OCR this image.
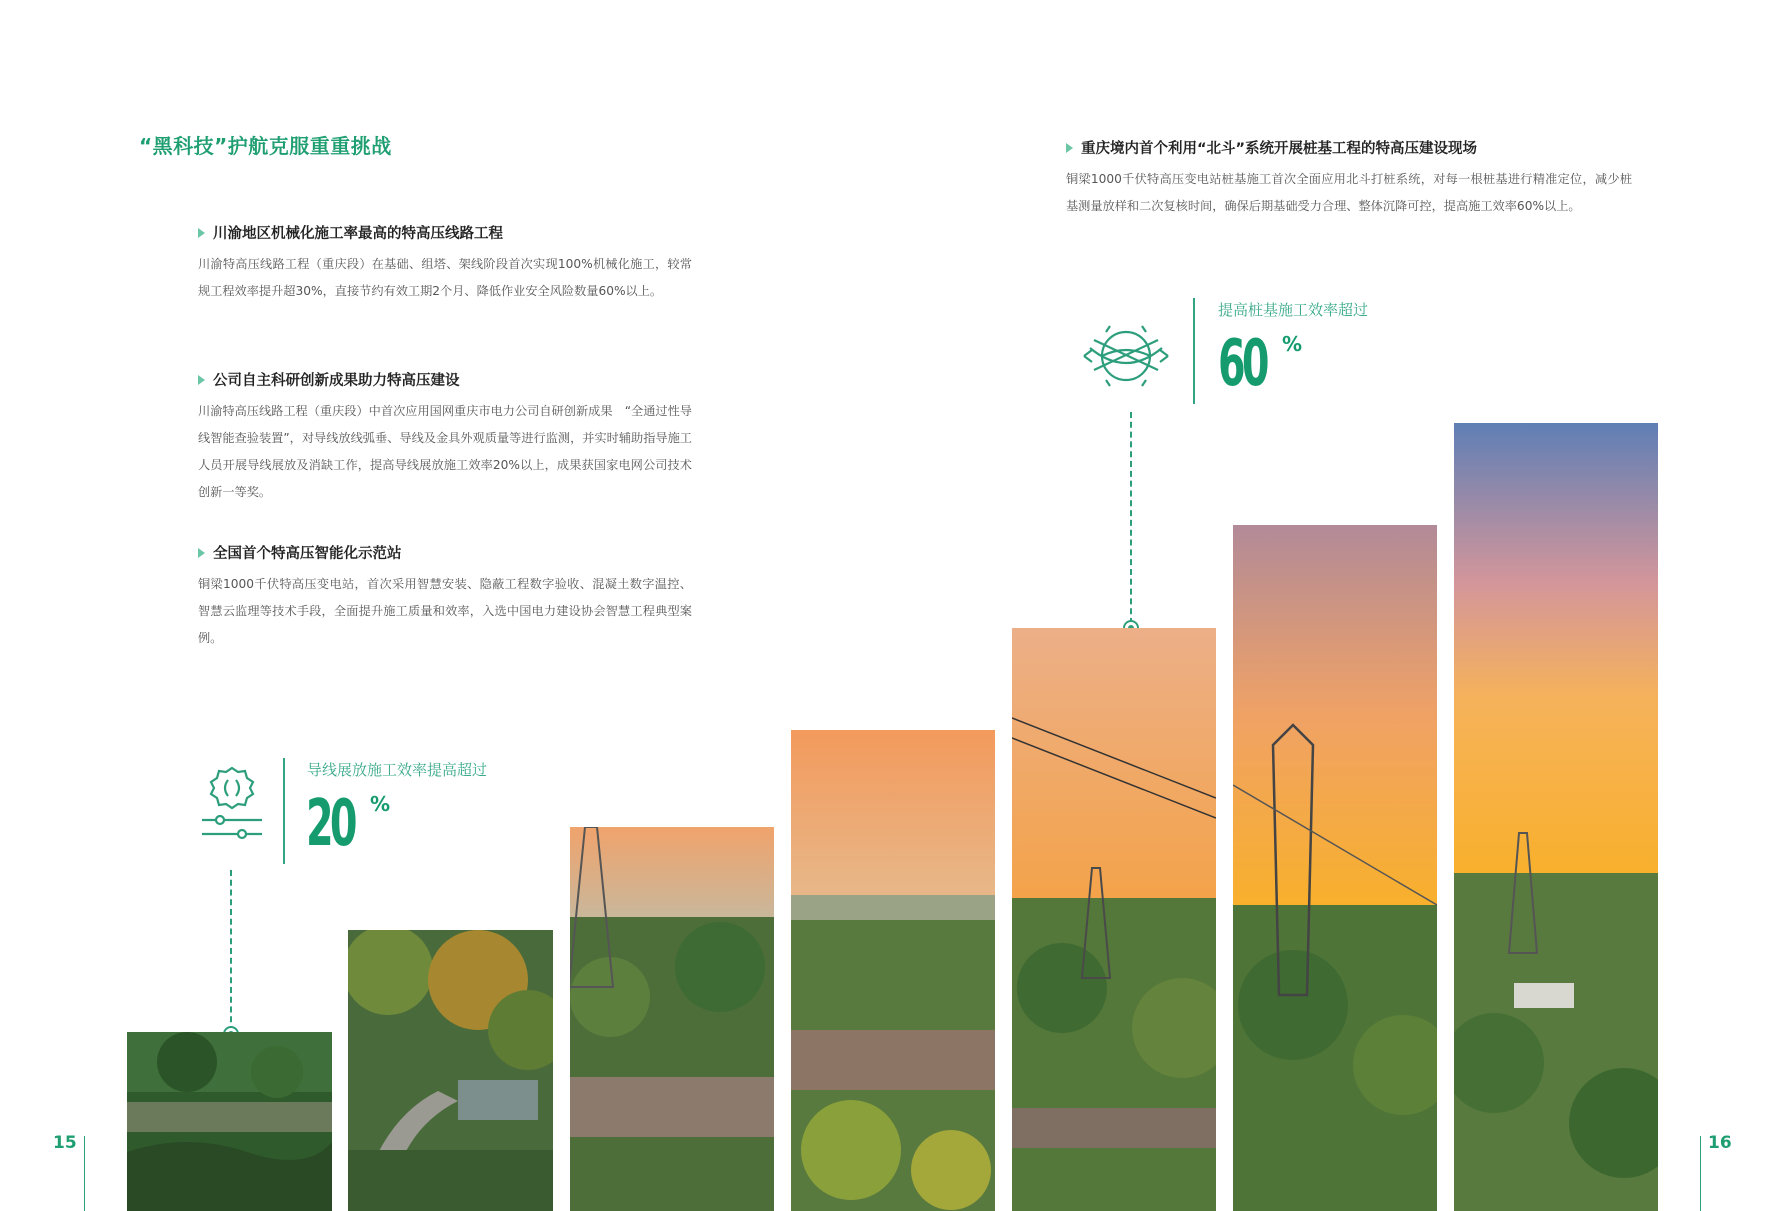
“黑科技”护航克服重重挑战
川渝地区机械化施工率最高的特高压线路工程

川渝特高压线路工程（重庆段）在基础、组塔、架线阶段首次实现100%机械化施工，较常规工程效率提升超30%，直接节约有效工期2个月、降低作业安全风险数量60%以上。

公司自主科研创新成果助力特高压建设

川渝特高压线路工程（重庆段）中首次应用国网重庆市电力公司自研创新成果　“全通过性导线智能查验装置”，对导线放线弧垂、导线及金具外观质量等进行监测，并实时辅助指导施工人员开展导线展放及消缺工作，提高导线展放施工效率20%以上，成果获国家电网公司技术创新一等奖。

全国首个特高压智能化示范站

铜梁1000千伏特高压变电站，首次采用智慧安装、隐蔽工程数字验收、混凝土数字温控、智慧云监理等技术手段，全面提升施工质量和效率，入选中国电力建设协会智慧工程典型案例。

重庆境内首个利用“北斗”系统开展桩基工程的特高压建设现场

铜梁1000千伏特高压变电站桩基施工首次全面应用北斗打桩系统，对每一根桩基进行精准定位，减少桩基测量放样和二次复核时间，确保后期基础受力合理、整体沉降可控，提高施工效率60%以上。

导线展放施工效率提高超过
20 %
提高桩基施工效率超过
60 %
15	16
